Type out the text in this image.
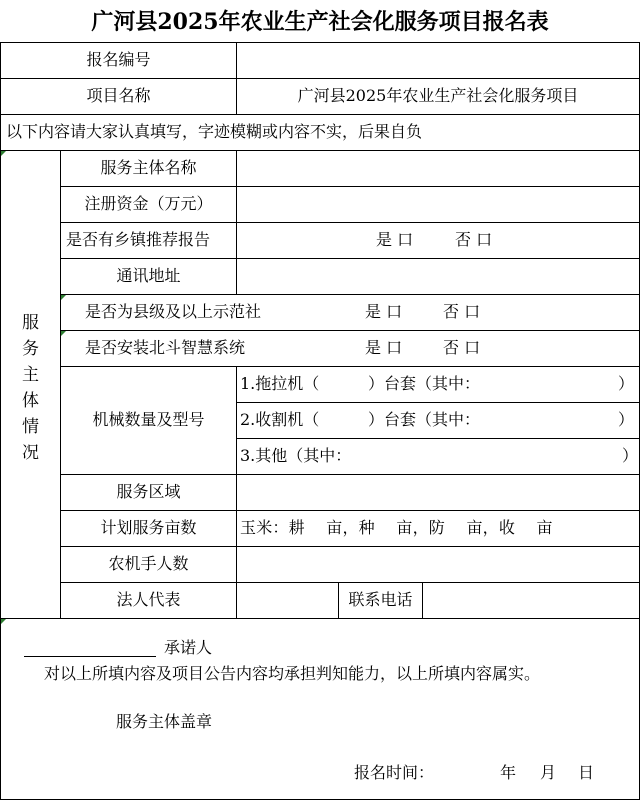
广河县2025年农业生产社会化服务项目报名表
报名编号
项目名称	广河县2025年农业生产社会化服务项目
以下内容请大家认真填写，字迹模糊或内容不实，后果自负
服
务
主
体
情
况
服务主体名称
注册资金（万元）
是否有乡镇推荐报告	是 口	否 口
通讯地址
是否为县级及以上示范社	是 口	否 口
是否安装北斗智慧系统	是 口	否 口
机械数量及型号
1.拖拉机（	）台套（其中：	）
2.收割机（	）台套（其中：	）
3.其他（其中：	）
服务区域
计划服务亩数	玉米：耕　 亩，种　 亩，防　 亩，收　 亩
农机手人数
法人代表	联系电话
承诺人
对以上所填内容及项目公告内容均承担判知能力，以上所填内容属实。
服务主体盖章
报名时间：	年 月 日
